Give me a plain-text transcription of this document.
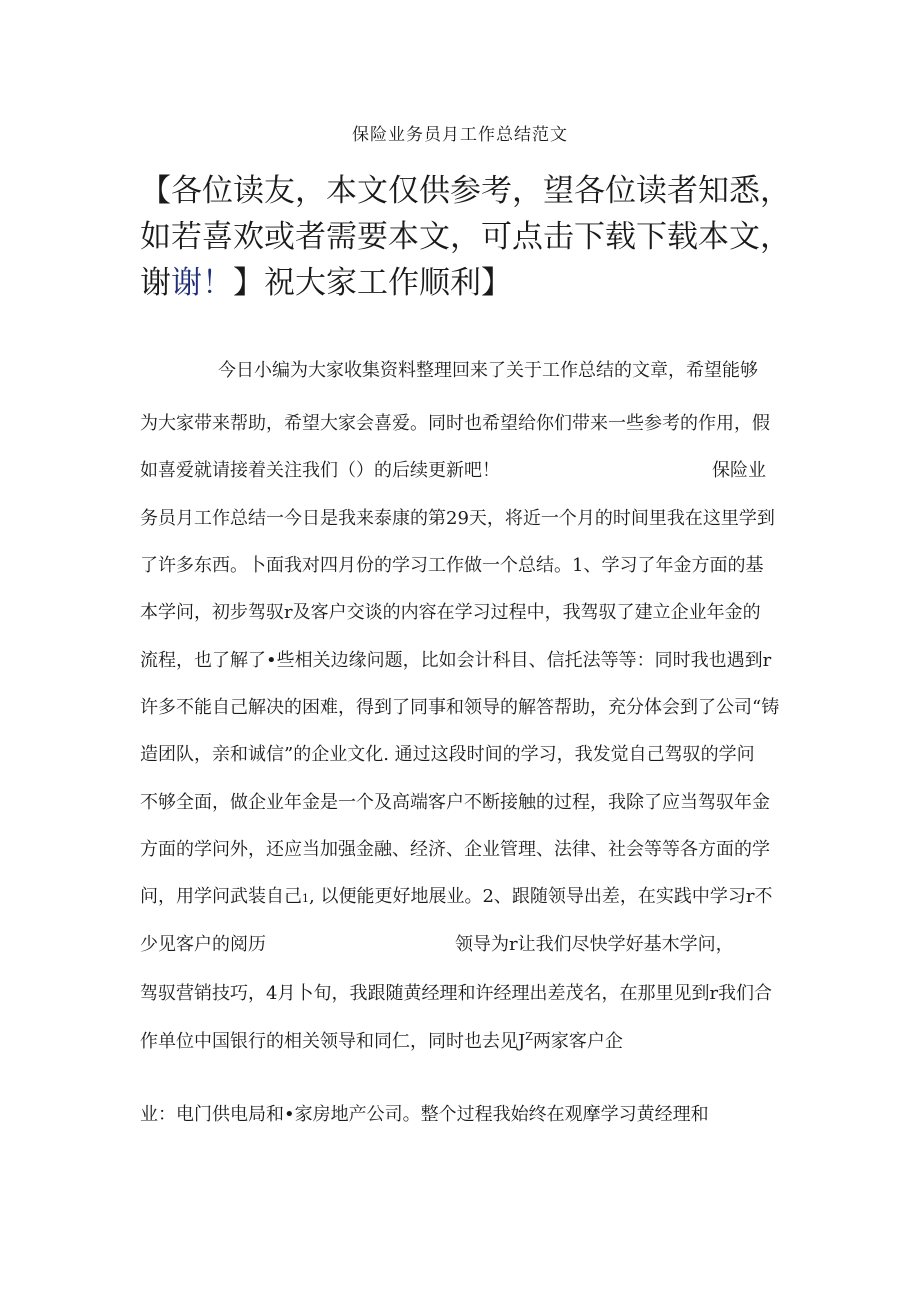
保险业务员月工作总结范文
【各位读友，本文仅供参考，望各位读者知悉，
如若喜欢或者需要本文，可点击下载下载本文，
谢谢！】祝大家工作顺利】
今日小编为大家收集资料整理回来了关于工作总结的文章，希望能够
为大家带来帮助，希望大家会喜爱。同时也希望给你们带来一些参考的作用，假
如喜爱就请接着关注我们（）的后续更新吧！	保险业
务员月工作总结一今日是我来泰康的第29天，将近一个月的时间里我在这里学到
了许多东西。卜面我对四月份的学习工作做一个总结。1、学习了年金方面的基
本学问，初步驾驭r及客户交谈的内容在学习过程中，我驾驭了建立企业年金的
流程，也了解了•些相关边缘问题，比如会计科目、信托法等等：同时我也遇到r
许多不能自己解决的困难，得到了同事和领导的解答帮助，充分体会到了公司“铸
造团队，亲和诚信”的企业文化. 通过这段时间的学习，我发觉自己驾驭的学问
不够全面，做企业年金是一个及高端客户不断接触的过程，我除了应当驾驭年金
方面的学问外，还应当加强金融、经济、企业管理、法律、社会等等各方面的学
问，用学问武装自己1, 以便能更好地展业。2、跟随领导出差，在实践中学习r不
少见客户的阅历	领导为r让我们尽快学好基木学问，
驾驭营销技巧，4月卜旬，我跟随黄经理和许经理出差茂名，在那里见到r我们合
作单位中国银行的相关领导和同仁，同时也去见$J^Z$两家客户企
业：电门供电局和•家房地产公司。整个过程我始终在观摩学习黄经理和
